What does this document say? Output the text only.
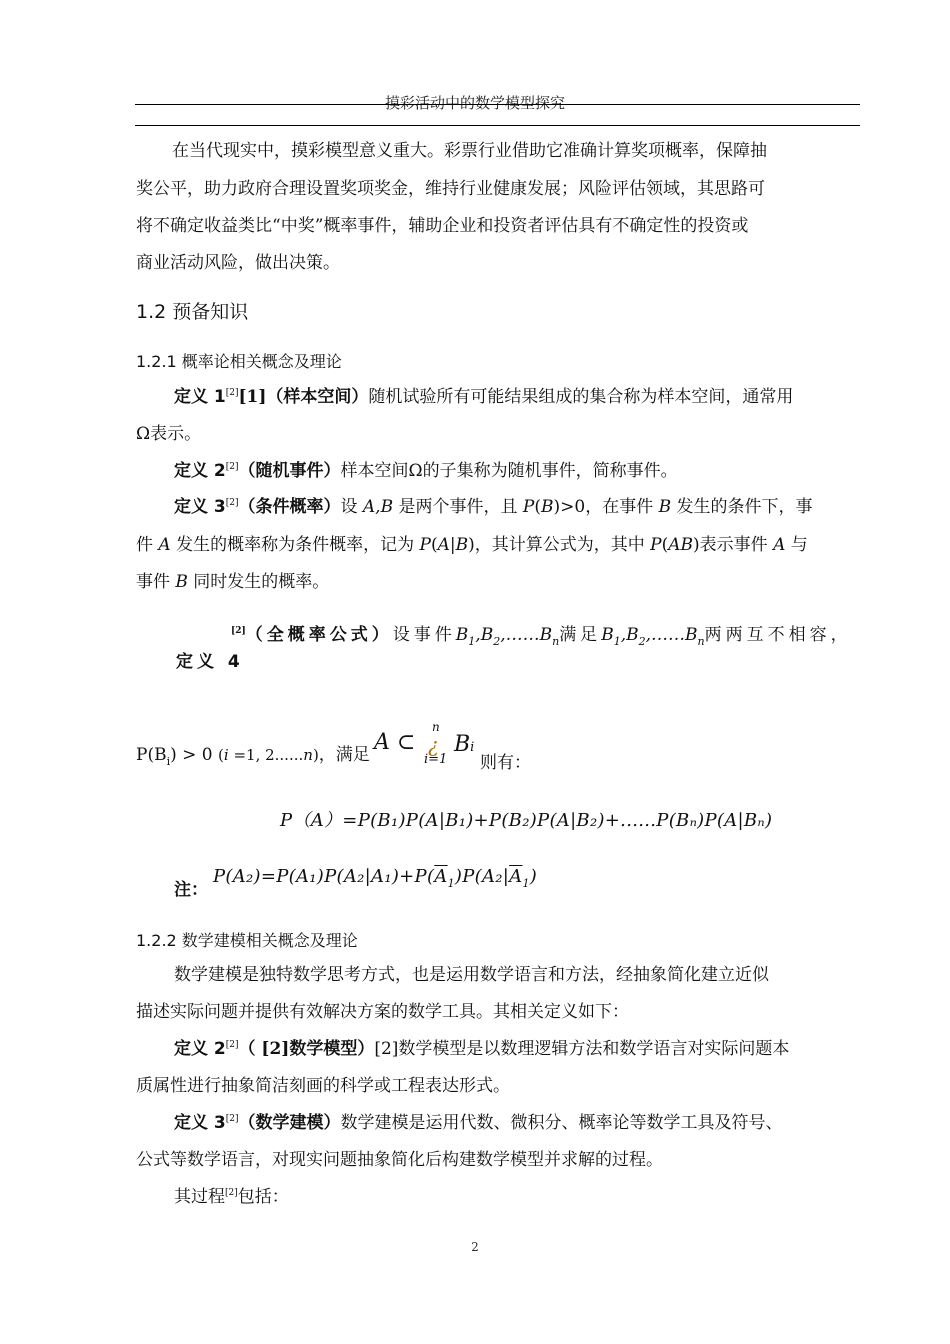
摸彩活动中的数学模型探究
在当代现实中，摸彩模型意义重大。彩票行业借助它准确计算奖项概率，保障抽
奖公平，助力政府合理设置奖项奖金，维持行业健康发展；风险评估领域，其思路可
将不确定收益类比“中奖”概率事件，辅助企业和投资者评估具有不确定性的投资或
商业活动风险，做出决策。
1.2 预备知识
1.2.1 概率论相关概念及理论
定义 1[2][1]（样本空间）随机试验所有可能结果组成的集合称为样本空间，通常用
Ω表示。
定义 2[2]（随机事件）样本空间Ω的子集称为随机事件，简称事件。
定义 3[2]（条件概率）设 A,B 是两个事件，且 P(B)>0，在事件 B 发生的条件下，事
件 A 发生的概率称为条件概率，记为 P(A|B)，其计算公式为，其中 P(AB)表示事件 A 与
事件 B 同时发生的概率。
[2]（全概率公式）设事件$B_1,B_2,\dots\dots B_n$满足$B_1,B_2,\dots\dots B_n$两两互不相容，
定义 4
$P(B_i) > 0$ (i =1, 2......n)，满足 A ⊂
n
¿
i=1
Bi
则有：
P（A）=P(B₁)P(A|B₁)+P(B₂)P(A|B₂)+......P(Bₙ)P(A|Bₙ)
注：
$P(A_2)=P(A_1)P(A_2|A_1)+P(\overline{A}_1)P(A_2|\overline{A}_1)$
1.2.2 数学建模相关概念及理论
数学建模是独特数学思考方式，也是运用数学语言和方法，经抽象简化建立近似
描述实际问题并提供有效解决方案的数学工具。其相关定义如下：
定义 2[2]（ [2]数学模型）[2]数学模型是以数理逻辑方法和数学语言对实际问题本
质属性进行抽象简洁刻画的科学或工程表达形式。
定义 3[2]（数学建模）数学建模是运用代数、微积分、概率论等数学工具及符号、
公式等数学语言，对现实问题抽象简化后构建数学模型并求解的过程。
其过程[2]包括：
2
